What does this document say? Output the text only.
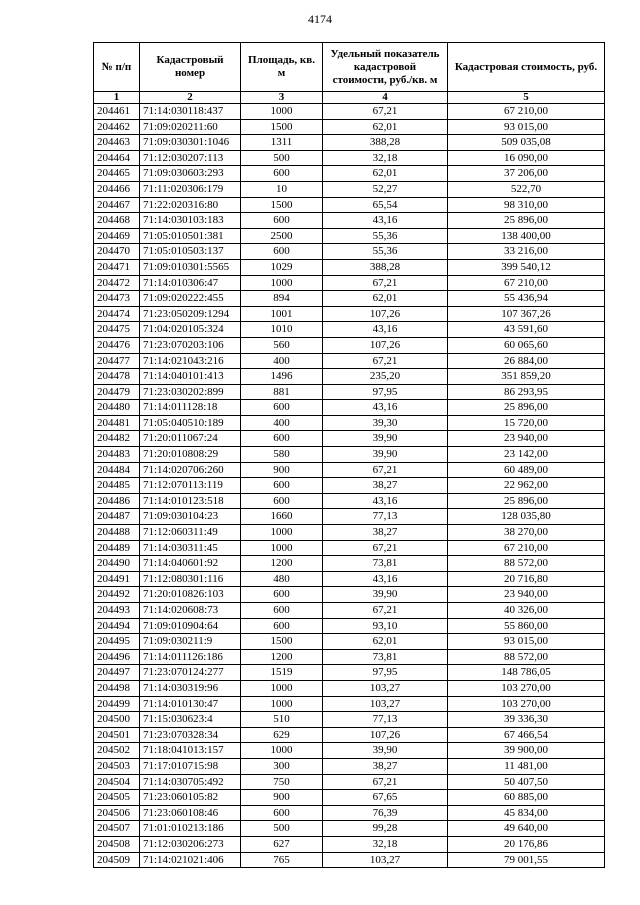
4174
№ п/п	Кадастровый номер	Площадь, кв. м	Удельный показатель кадастровой стоимости, руб./кв. м	Кадастровая стоимость, руб.
1	2	3	4	5
204461	71:14:030118:437	1000	67,21	67 210,00
204462	71:09:020211:60	1500	62,01	93 015,00
204463	71:09:030301:1046	1311	388,28	509 035,08
204464	71:12:030207:113	500	32,18	16 090,00
204465	71:09:030603:293	600	62,01	37 206,00
204466	71:11:020306:179	10	52,27	522,70
204467	71:22:020316:80	1500	65,54	98 310,00
204468	71:14:030103:183	600	43,16	25 896,00
204469	71:05:010501:381	2500	55,36	138 400,00
204470	71:05:010503:137	600	55,36	33 216,00
204471	71:09:010301:5565	1029	388,28	399 540,12
204472	71:14:010306:47	1000	67,21	67 210,00
204473	71:09:020222:455	894	62,01	55 436,94
204474	71:23:050209:1294	1001	107,26	107 367,26
204475	71:04:020105:324	1010	43,16	43 591,60
204476	71:23:070203:106	560	107,26	60 065,60
204477	71:14:021043:216	400	67,21	26 884,00
204478	71:14:040101:413	1496	235,20	351 859,20
204479	71:23:030202:899	881	97,95	86 293,95
204480	71:14:011128:18	600	43,16	25 896,00
204481	71:05:040510:189	400	39,30	15 720,00
204482	71:20:011067:24	600	39,90	23 940,00
204483	71:20:010808:29	580	39,90	23 142,00
204484	71:14:020706:260	900	67,21	60 489,00
204485	71:12:070113:119	600	38,27	22 962,00
204486	71:14:010123:518	600	43,16	25 896,00
204487	71:09:030104:23	1660	77,13	128 035,80
204488	71:12:060311:49	1000	38,27	38 270,00
204489	71:14:030311:45	1000	67,21	67 210,00
204490	71:14:040601:92	1200	73,81	88 572,00
204491	71:12:080301:116	480	43,16	20 716,80
204492	71:20:010826:103	600	39,90	23 940,00
204493	71:14:020608:73	600	67,21	40 326,00
204494	71:09:010904:64	600	93,10	55 860,00
204495	71:09:030211:9	1500	62,01	93 015,00
204496	71:14:011126:186	1200	73,81	88 572,00
204497	71:23:070124:277	1519	97,95	148 786,05
204498	71:14:030319:96	1000	103,27	103 270,00
204499	71:14:010130:47	1000	103,27	103 270,00
204500	71:15:030623:4	510	77,13	39 336,30
204501	71:23:070328:34	629	107,26	67 466,54
204502	71:18:041013:157	1000	39,90	39 900,00
204503	71:17:010715:98	300	38,27	11 481,00
204504	71:14:030705:492	750	67,21	50 407,50
204505	71:23:060105:82	900	67,65	60 885,00
204506	71:23:060108:46	600	76,39	45 834,00
204507	71:01:010213:186	500	99,28	49 640,00
204508	71:12:030206:273	627	32,18	20 176,86
204509	71:14:021021:406	765	103,27	79 001,55
